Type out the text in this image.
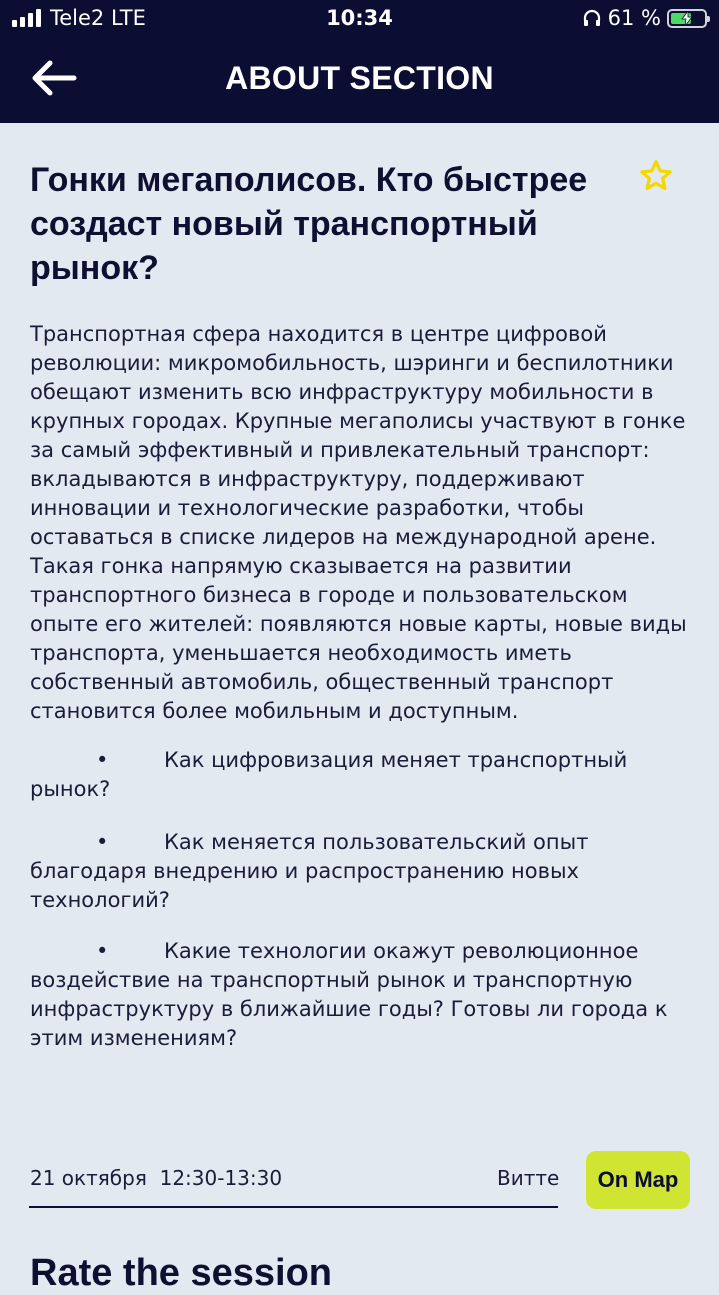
Tele2
LTE	10:34	61 %
ABOUT SECTION
Гонки мегаполисов. Кто быстрее создаст новый транспортный рынок?

Транспортная сфера находится в центре цифровой революции: микромобильность, шэринги и беспилотники обещают изменить всю инфраструктуру мобильности в крупных городах. Крупные мегаполисы участвуют в гонке за самый эффективный и привлекательный транспорт: вкладываются в инфраструктуру, поддерживают инновации и технологические разработки, чтобы оставаться в списке лидеров на международной арене. Такая гонка напрямую сказывается на развитии транспортного бизнеса в городе и пользовательском опыте его жителей: появляются новые карты, новые виды транспорта, уменьшается необходимость иметь собственный автомобиль, общественный транспорт становится более мобильным и доступным.

•	Как цифровизация меняет транспортный рынок?

•	Как меняется пользовательский опыт благодаря внедрению и распространению новых технологий?

•	Какие технологии окажут революционное воздействие на транспортный рынок и транспортную инфраструктуру в ближайшие годы? Готовы ли города к этим изменениям?

21 октября 12:30-13:30	Витте	On Map
Rate the session
